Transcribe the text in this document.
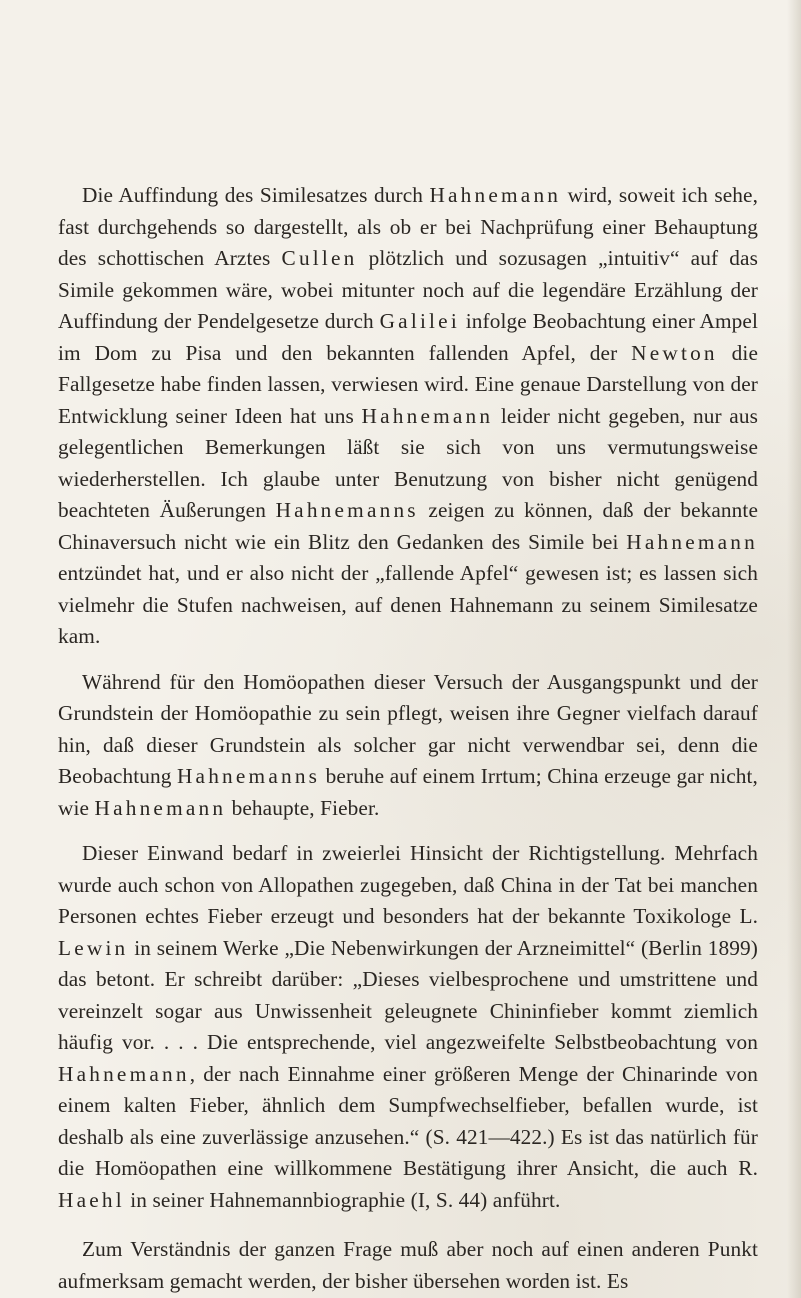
Die Auffindung des Similesatzes durch Hahnemann wird, soweit ich sehe, fast durchgehends so dargestellt, als ob er bei Nachprüfung einer Behauptung des schottischen Arztes Cullen plötzlich und sozusagen „intuitiv“ auf das Simile gekommen wäre, wobei mitunter noch auf die legendäre Erzählung der Auffindung der Pendelgesetze durch Galilei infolge Beobachtung einer Ampel im Dom zu Pisa und den bekannten fallenden Apfel, der Newton die Fallgesetze habe finden lassen, verwiesen wird. Eine genaue Darstellung von der Entwicklung seiner Ideen hat uns Hahnemann leider nicht gegeben, nur aus gelegentlichen Bemerkungen läßt sie sich von uns vermutungsweise wiederherstellen. Ich glaube unter Benutzung von bisher nicht genügend beachteten Äußerungen Hahnemanns zeigen zu können, daß der bekannte Chinaversuch nicht wie ein Blitz den Gedanken des Simile bei Hahnemann entzündet hat, und er also nicht der „fallende Apfel“ gewesen ist; es lassen sich vielmehr die Stufen nachweisen, auf denen Hahnemann zu seinem Similesatze kam.

Während für den Homöopathen dieser Versuch der Ausgangspunkt und der Grundstein der Homöopathie zu sein pflegt, weisen ihre Gegner vielfach darauf hin, daß dieser Grundstein als solcher gar nicht verwendbar sei, denn die Beobachtung Hahnemanns beruhe auf einem Irrtum; China erzeuge gar nicht, wie Hahnemann behaupte, Fieber.

Dieser Einwand bedarf in zweierlei Hinsicht der Richtigstellung. Mehrfach wurde auch schon von Allopathen zugegeben, daß China in der Tat bei manchen Personen echtes Fieber erzeugt und besonders hat der bekannte Toxikologe L. Lewin in seinem Werke „Die Nebenwirkungen der Arzneimittel“ (Berlin 1899) das betont. Er schreibt darüber: „Dieses vielbesprochene und umstrittene und vereinzelt sogar aus Unwissenheit geleugnete Chininfieber kommt ziemlich häufig vor. . . . Die entsprechende, viel angezweifelte Selbstbeobachtung von Hahnemann, der nach Einnahme einer größeren Menge der Chinarinde von einem kalten Fieber, ähnlich dem Sumpfwechselfieber, befallen wurde, ist deshalb als eine zuverlässige anzusehen.“ (S. 421—422.) Es ist das natürlich für die Homöopathen eine willkommene Bestätigung ihrer Ansicht, die auch R. Haehl in seiner Hahnemannbiographie (I, S. 44) anführt.

Zum Verständnis der ganzen Frage muß aber noch auf einen anderen Punkt aufmerksam gemacht werden, der bisher übersehen worden ist. Es
